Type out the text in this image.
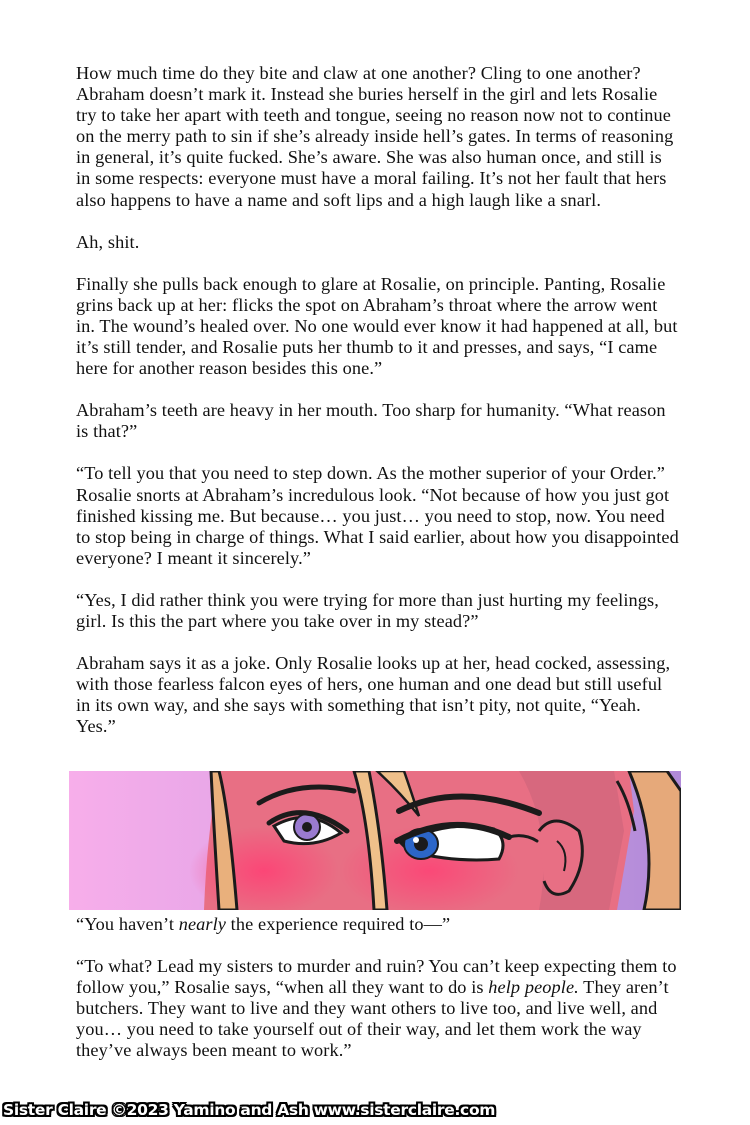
How much time do they bite and claw at one another? Cling to one another? Abraham doesn’t mark it. Instead she buries herself in the girl and lets Rosalie try to take her apart with teeth and tongue, seeing no reason now not to continue on the merry path to sin if she’s already inside hell’s gates. In terms of reasoning in general, it’s quite fucked. She’s aware. She was also human once, and still is in some respects: everyone must have a moral failing. It’s not her fault that hers also happens to have a name and soft lips and a high laugh like a snarl.

Ah, shit.

Finally she pulls back enough to glare at Rosalie, on principle. Panting, Rosalie grins back up at her: flicks the spot on Abraham’s throat where the arrow went in. The wound’s healed over. No one would ever know it had happened at all, but it’s still tender, and Rosalie puts her thumb to it and presses, and says, “I came here for another reason besides this one.”

Abraham’s teeth are heavy in her mouth. Too sharp for humanity. “What reason is that?”

“To tell you that you need to step down. As the mother superior of your Order.” Rosalie snorts at Abraham’s incredulous look. “Not because of how you just got finished kissing me. But because… you just… you need to stop, now. You need to stop being in charge of things. What I said earlier, about how you disappointed everyone? I meant it sincerely.”

“Yes, I did rather think you were trying for more than just hurting my feelings, girl. Is this the part where you take over in my stead?”

Abraham says it as a joke. Only Rosalie looks up at her, head cocked, assessing, with those fearless falcon eyes of hers, one human and one dead but still useful in its own way, and she says with something that isn’t pity, not quite, “Yeah. Yes.”

“You haven’t nearly the experience required to—”

“To what? Lead my sisters to murder and ruin? You can’t keep expecting them to follow you,” Rosalie says, “when all they want to do is help people. They aren’t butchers. They want to live and they want others to live too, and live well, and you… you need to take yourself out of their way, and let them work the way they’ve always been meant to work.”

Sister Claire ©2023 Yamino and Ash www.sisterclaire.com
